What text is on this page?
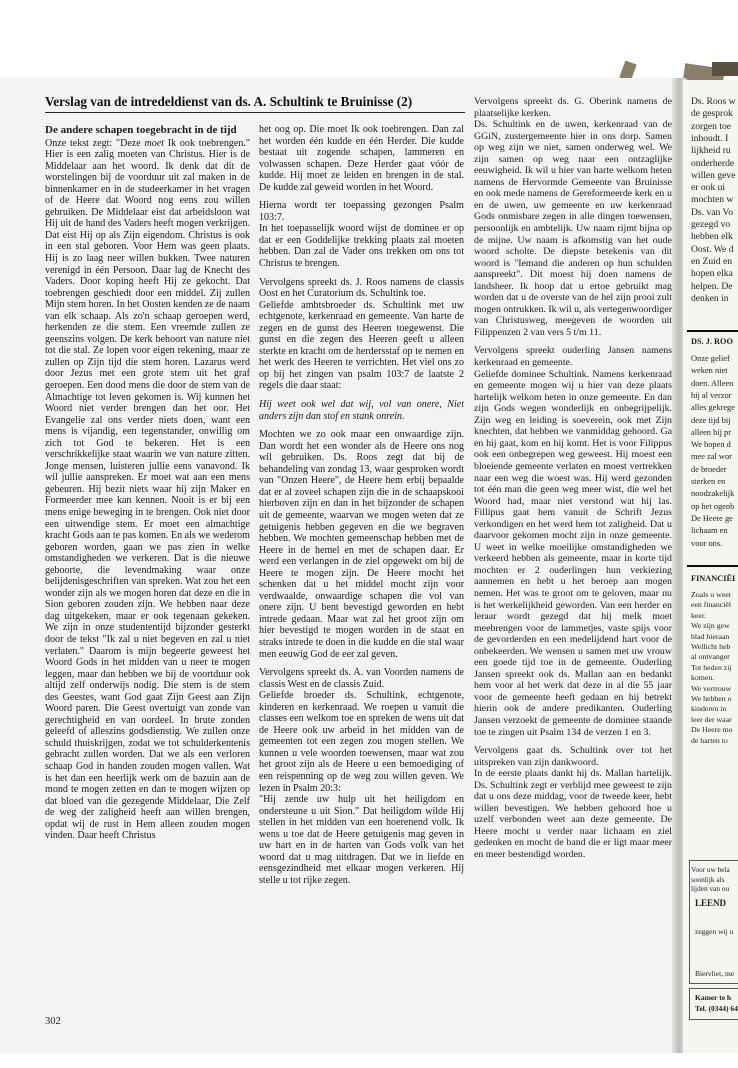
Verslag van de intredeldienst van ds. A. Schultink te Bruinisse (2)
De andere schapen toegebracht in de tijd

Onze tekst zegt: "Deze moet Ik ook toebrengen." Hier is een zalig moeten van Christus. Hier is de Middelaar aan het woord. Ik denk dat dit de worstelingen bij de voorduur uit zal maken in de binnenkamer en in de studeerkamer in het vragen of de Heere dat Woord nog eens zou willen gebruiken. De Middelaar eist dat arbeidsloon wat Hij uit de hand des Vaders heeft mogen verkrijgen. Dat eist Hij op als Zijn eigendom. Christus is ook in een stal geboren. Voor Hem was geen plaats. Hij is zo laag neer willen bukken. Twee naturen verenigd in één Persoon. Daar lag de Knecht des Vaders. Door koping heeft Hij ze gekocht. Dat toebrengen geschiedt door een middel. Zij zullen Mijn stem horen. In het Oosten kenden ze de naam van elk schaap. Als zo'n schaap geroepen werd, herkenden ze die stem. Een vreemde zullen ze geenszins volgen. De kerk behoort van nature niet tot die stal. Ze lopen voor eigen rekening, maar ze zullen op Zijn tijd die stem horen. Lazarus werd door Jezus met een grote stem uit het graf geroepen. Een dood mens die door de stem van de Almachtige tot leven gekomen is. Wij kunnen het Woord niet verder brengen dan het oor. Het Evangelie zal ons verder niets doen, want een mens is vijandig, een tegenstander, onwillig om zich tot God te bekeren. Het is een verschrikkelijke staat waarin we van nature zitten. Jonge mensen, luisteren jullie eens vanavond. Ik wil jullie aanspreken. Er moet wat aan een mens gebeuren. Hij bezit niets waar hij zijn Maker en Formeerder mee kan kennen. Nooit is er bij een mens enige beweging in te brengen. Ook niet door een uitwendige stem. Er moet een almachtige kracht Gods aan te pas komen. En als we wederom geboren worden, gaan we pas zien in welke omstandigheden we verkeren. Dat is die nieuwe geboorte, die levendmaking waar onze belijdenisgeschriften van spreken. Wat zou het een wonder zijn als we mogen horen dat deze en die in Sion geboren zouden zijn. We hebben naar deze dag uitgekeken, maar er ook tegenaan gekeken. We zijn in onze studententijd bijzonder gesterkt door de tekst "Ik zal u niet begeven en zal u niet verlaten." Daarom is mijn begeerte geweest het Woord Gods in het midden van u neer te mogen leggen, maar dan hebben we bij de voortduur ook altijd zelf onderwijs nodig. Die stem is de stem des Geestes, want God gaat Zijn Geest aan Zijn Woord paren. Die Geest overtuigt van zonde van gerechtigheid en van oordeel. In brute zonden geleefd of alleszins godsdienstig. We zullen onze schuld thuiskrijgen, zodat we tot schulderkentenis gebracht zullen worden. Dat we als een verloren schaap God in handen zouden mogen vallen. Wat is het dan een heerlijk werk om de bazuin aan de mond te mogen zetten en dan te mogen wijzen op dat bloed van die gezegende Middelaar, Die Zelf de weg der zaligheid heeft aan willen brengen, opdat wij de rust in Hem alleen zouden mogen vinden. Daar heeft Christus

het oog op. Die moet Ik ook toebrengen. Dan zal het worden één kudde en één Herder. Die kudde bestaat uit zogende schapen, lammeren en volwassen schapen. Deze Herder gaat vóór de kudde. Hij moet ze leiden en brengen in de stal. De kudde zal geweid worden in het Woord.

Hierna wordt ter toepassing gezongen Psalm 103:7.
In het toepasselijk woord wijst de dominee er op dat er een Goddelijke trekking plaats zal moeten hebben. Dan zal de Vader ons trekken om ons tot Christus te brengen.

Vervolgens spreekt ds. J. Roos namens de classis Oost en het Curatorium ds. Schultink toe.
Geliefde ambtsbroeder ds. Schultink met uw echtgenote, kerkenraad en gemeente. Van harte de zegen en de gunst des Heeren toegewenst. Die gunst en die zegen des Heeren geeft u alleen sterkte en kracht om de herdersstaf op te nemen en het werk des Heeren te verrichten. Het viel ons zo op bij het zingen van psalm 103:7 de laatste 2 regels die daar staat:

Hij weet ook wel dat wij, vol van onere, Niet anders zijn dan stof en stank onrein.

Mochten we zo ook maar een onwaardige zijn. Dan wordt het een wonder als de Heere ons nog wil gebruiken. Ds. Roos zegt dat bij de behandeling van zondag 13, waar gesproken wordt van "Onzen Heere", de Heere hem erbij bepaalde dat er al zoveel schapen zijn die in de schaapskooi hierboven zijn en dan in het bijzonder de schapen uit de gemeente, waarvan we mogen weten dat ze getuigenis hebben gegeven en die we begraven hebben. We mochten gemeenschap hebben met de Heere in de hemel en met de schapen daar. Er werd een verlangen in de ziel opgewekt om bij de Heere te mogen zijn. De Heere mocht het schenken dat u het middel mocht zijn voor verdwaalde, onwaardige schapen die vol van onere zijn. U bent bevestigd geworden en hebt intrede gedaan. Maar wat zal het groot zijn om hier bevestigd te mogen worden in de staat en straks intrede te doen in die kudde en die stal waar men eeuwig God de eer zal geven.

Vervolgens spreekt ds. A. van Voorden namens de classis West en de classis Zuid.
Geliefde broeder ds. Schultink, echtgenote, kinderen en kerkenraad. We roepen u vanuit die classes een welkom toe en spreken de wens uit dat de Heere ook uw arbeid in het midden van de gemeenten tot een zegen zou mogen stellen. We kunnen u vele woorden toewensen, maar wat zou het groot zijn als de Heere u een bemoediging of een reispenning op de weg zou willen geven. We lezen in Psalm 20:3:
"Hij zende uw hulp uit het heiligdom en ondersteune u uit Sion." Dat heiligdom wilde Hij stellen in het midden van een hoerenend volk. Ik wens u toe dat de Heere getuigenis mag geven in uw hart en in de harten van Gods volk van het woord dat u mag uitdragen. Dat we in liefde en eensgezindheid met elkaar mogen verkeren. Hij stelle u tot rijke zegen.

Vervolgens spreekt ds. G. Oberink namens de plaatselijke kerken.
Ds. Schultink en de uwen, kerkenraad van de GGiN, zustergemeente hier in ons dorp. Samen op weg zijn we niet, samen onderweg wel. We zijn samen op weg naar een ontzaglijke eeuwigheid. Ik wil u hier van harte welkom heten namens de Hervormde Gemeente van Bruinisse en ook mede namens de Gereformeerde kerk en u en de uwen, uw gemeente en uw kerkenraad Gods onmisbare zegen in alle dingen toewensen, persoonlijk en ambtelijk. Uw naam rijmt bijna op de mijne. Uw naam is afkomstig van het oude woord scholte. De diepste betekenis van dit woord is "Iemand die anderen op hun schulden aanspreekt". Dit moest hij doen namens de landsheer. Ik hoop dat u ertoe gebruikt mag worden dat u de overste van de hel zijn prooi zult mogen ontrukken. Ik wil u, als vertegenwoordiger van Christusweg, meegeven de woorden uit Filippenzen 2 van vers 5 t/m 11.

Vervolgens spreekt ouderling Jansen namens kerkenraad en gemeente.
Geliefde dominee Schultink. Namens kerkenraad en gemeente mogen wij u hier van deze plaats hartelijk welkom heten in onze gemeente. En dan zijn Gods wegen wonderlijk en onbegrijpelijk. Zijn weg en leiding is soeverein, ook met Zijn knechten, dat hebben we vanmiddag gehoord. Ga en hij gaat, kom en hij komt. Het is voor Filippus ook een onbegrepen weg geweest. Hij moest een bloeiende gemeente verlaten en moest vertrekken naar een weg die woest was. Hij werd gezonden tot één man die geen weg meer wist, die wel het Woord had, maar niet verstond wat hij las. Fillipus gaat hem vanuit de Schrift Jezus verkondigen en het werd hem tot zaligheid. Dat u daarvoor gekomen mocht zijn in onze gemeente. U weet in welke moeilijke omstandigheden we verkeerd hebben als gemeente, maar in korte tijd mochten er 2 ouderlingen hun verkiezing aannemen en hebt u het beroep aan mogen nemen. Het was te groot om te geloven, maar nu is het werkelijkheid geworden. Van een herder en leraar wordt gezegd dat hij melk moet meebrengen voor de lammetjes, vaste spijs voor de gevorderden en een medelijdend hart voor de onbekeerden. We wensen u samen met uw vrouw een goede tijd toe in de gemeente. Ouderling Jansen spreekt ook ds. Mallan aan en bedankt hem voor al het werk dat deze in al die 55 jaar voor de gemeente heeft gedaan en hij betrekt hierin ook de andere predikanten. Ouderling Jansen verzoekt de gemeente de dominee staande toe te zingen uit Psalm 134 de verzen 1 en 3.

Vervolgens gaat ds. Schultink over tot het uitspreken van zijn dankwoord.
In de eerste plaats dankt hij ds. Mallan hartelijk. Ds. Schultink zegt er verblijd mee geweest te zijn dat u ons deze middag, voor de tweede keer, hebt willen bevestigen. We hebben gehoord hoe u uzelf verbonden weet aan deze gemeente. De Heere mocht u verder naar lichaam en ziel gedenken en mocht de band die er ligt maar meer en meer bestendigd worden.

302
Ds. Roos w
de gesprok
zorgen toe
inhoudt. I
lijkheid ru
onderherde
willen geve
er ook ui
mochten w
Ds. van Vo
gezegd vo
hebben elk
Oost. We d
en Zuid en
hopen elka
helpen. De
denken in
DS. J. ROO
Onze gelief
weken niet
doen. Alleen
hij al verzor
alles gekrege
deze tijd bij
alleen bij pr
We hopen d
mee zal wor
de broeder
sterken en
noodzakelijk
op het ogenb
De Heere ge
lichaam en
voor ons.
FINANCIËI
Zoals u weet
een financiël
keer.
We zijn gew
blad hieraan
Wellicht heb
al ontvanger
Tot heden zij
komen.
We vertrouw
We hebben o
kinderen in
leer der waar
De Heere mo
de harten to
Voor uw bela
soonlijk als
lijden van ou
LEEND
zeggen wij u
Biervliet, me
Kamer te h
Tel. (0344) 64
